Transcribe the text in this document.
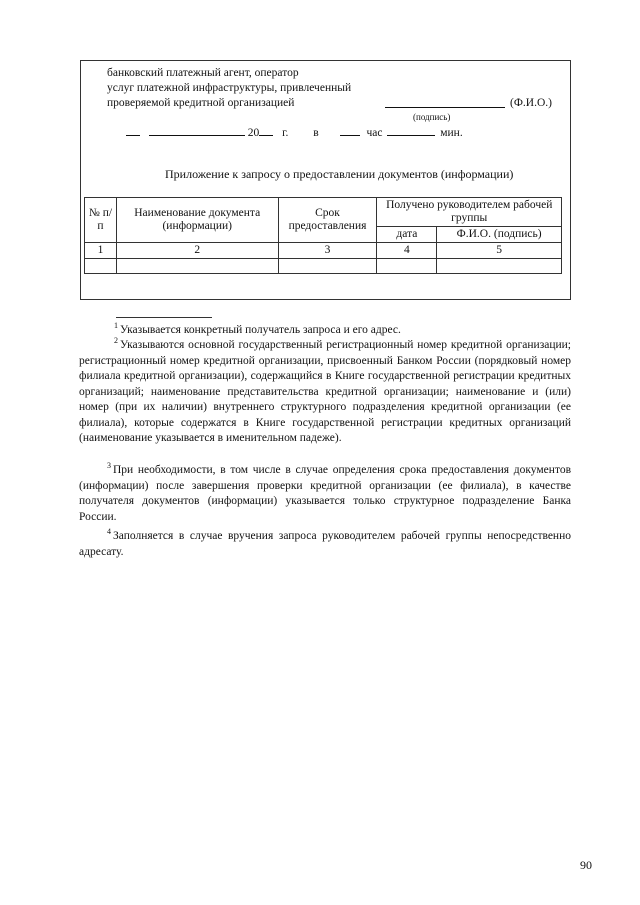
банковский платежный агент, оператор
услуг платежной инфраструктуры, привлеченный
проверяемой кредитной организацией	(Ф.И.О.)
(подпись)
20 г. в	час	мин.
Приложение к запросу о предоставлении документов (информации)
№ п/п	Наименование документа (информации)	Срок предоставления	Получено руководителем рабочей группы	
			дата	Ф.И.О. (подпись)
1	2	3	4	5

$^1$ Указывается конкретный получатель запроса и его адрес.
$^2$ Указываются основной государственный регистрационный номер кредитной организации; регистрационный номер кредитной организации, присвоенный Банком России (порядковый номер филиала кредитной организации), содержащийся в Книге государственной регистрации кредитных организаций; наименование представительства кредитной организации; наименование и (или) номер (при их наличии) внутреннего структурного подразделения кредитной организации (ее филиала), которые содержатся в Книге государственной регистрации кредитных организаций (наименование указывается в именительном падеже).
$^3$ При необходимости, в том числе в случае определения срока предоставления документов (информации) после завершения проверки кредитной организации (ее филиала), в качестве получателя документов (информации) указывается только структурное подразделение Банка России.
$^4$ Заполняется в случае вручения запроса руководителем рабочей группы непосредственно адресату.
90
